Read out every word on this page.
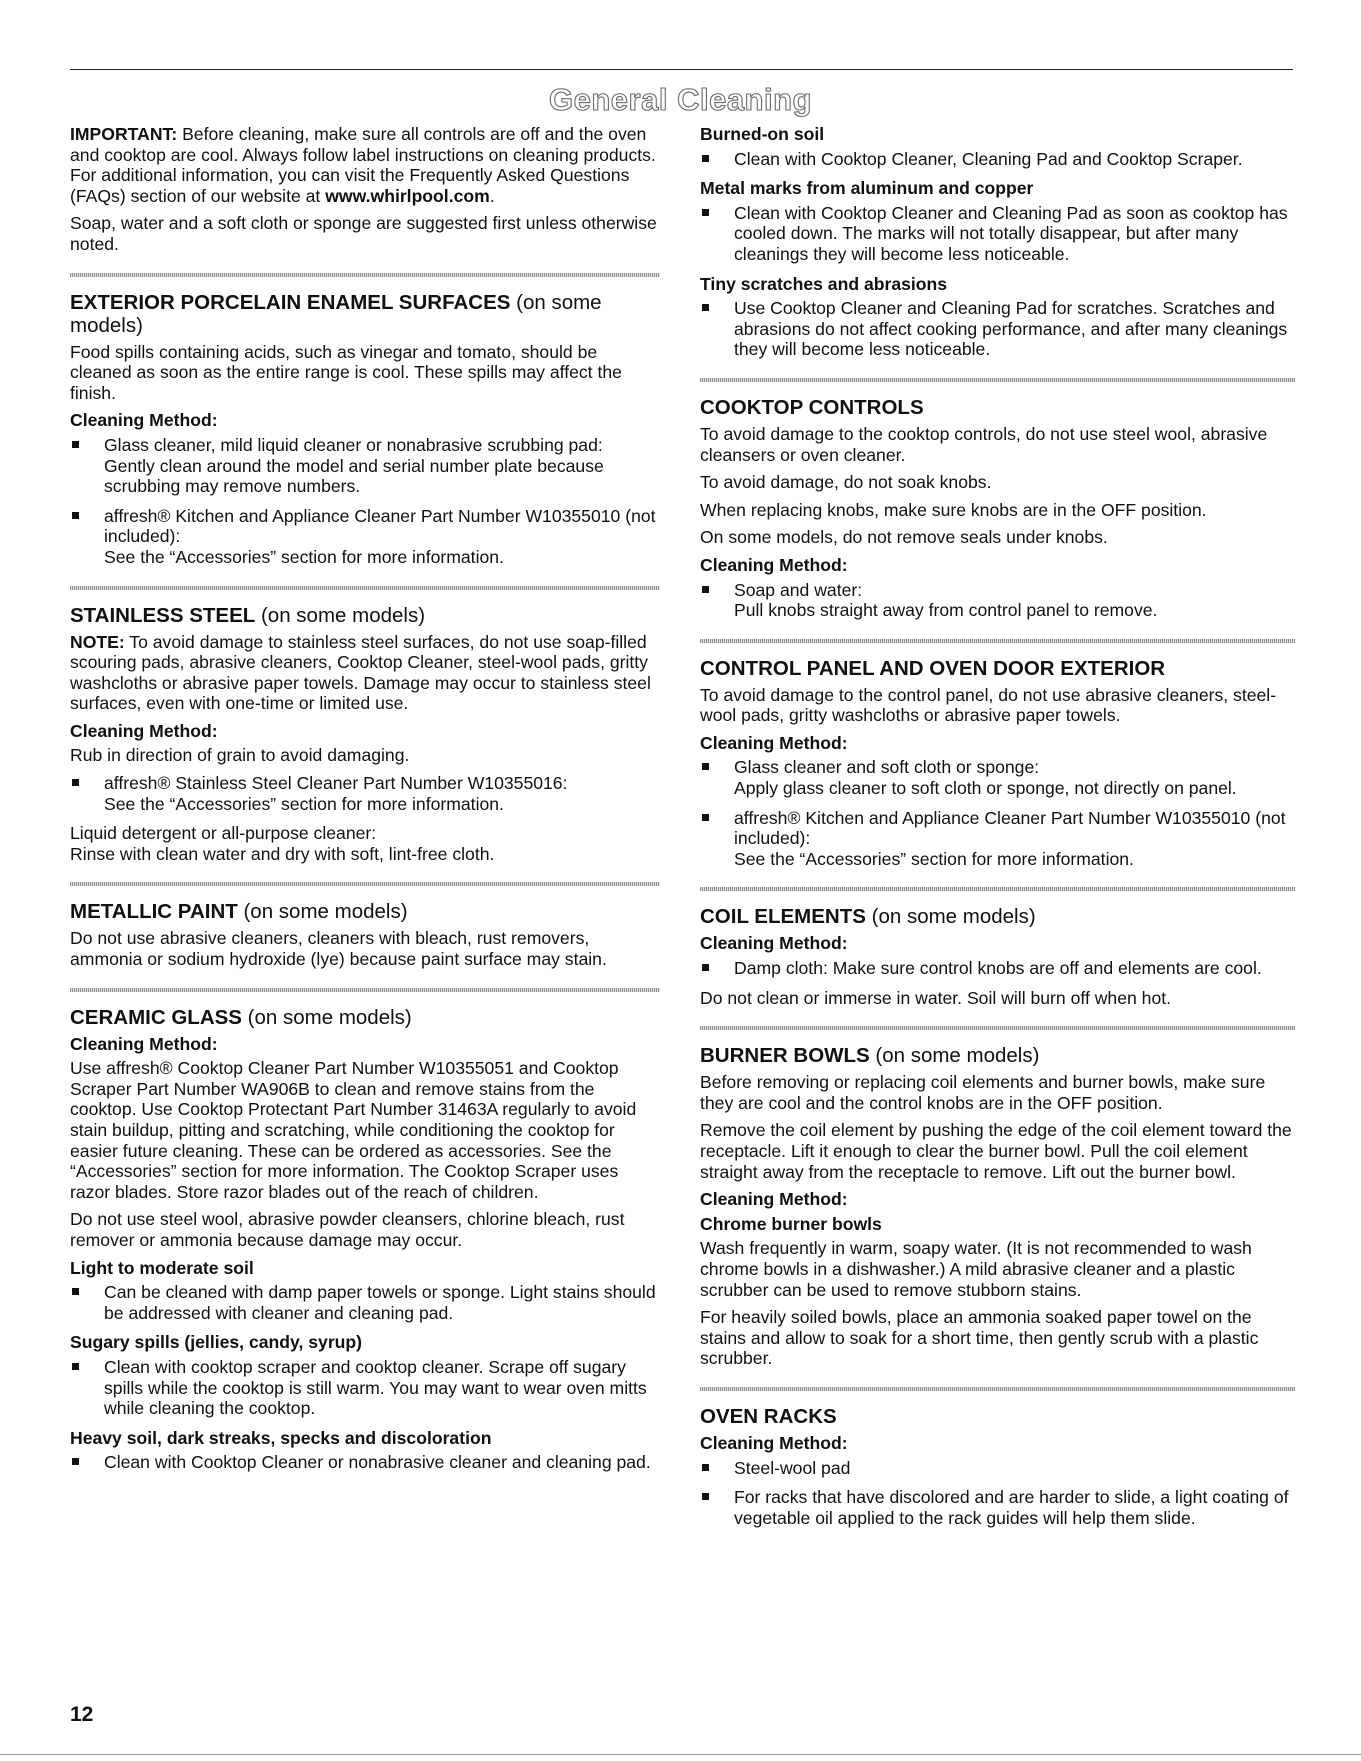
General Cleaning

IMPORTANT: Before cleaning, make sure all controls are off and the oven and cooktop are cool. Always follow label instructions on cleaning products. For additional information, you can visit the Frequently Asked Questions (FAQs) section of our website at www.whirlpool.com.

Soap, water and a soft cloth or sponge are suggested first unless otherwise noted.

EXTERIOR PORCELAIN ENAMEL SURFACES (on some models)

Food spills containing acids, such as vinegar and tomato, should be cleaned as soon as the entire range is cool. These spills may affect the finish.

Cleaning Method:
Glass cleaner, mild liquid cleaner or nonabrasive scrubbing pad:
Gently clean around the model and serial number plate because scrubbing may remove numbers.
affresh® Kitchen and Appliance Cleaner Part Number W10355010 (not included):
See the “Accessories” section for more information.
STAINLESS STEEL (on some models)

NOTE: To avoid damage to stainless steel surfaces, do not use soap-filled scouring pads, abrasive cleaners, Cooktop Cleaner, steel-wool pads, gritty washcloths or abrasive paper towels. Damage may occur to stainless steel surfaces, even with one-time or limited use.

Cleaning Method:

Rub in direction of grain to avoid damaging.

affresh® Stainless Steel Cleaner Part Number W10355016:
See the “Accessories” section for more information.

Liquid detergent or all-purpose cleaner:
Rinse with clean water and dry with soft, lint-free cloth.

METALLIC PAINT (on some models)

Do not use abrasive cleaners, cleaners with bleach, rust removers, ammonia or sodium hydroxide (lye) because paint surface may stain.

CERAMIC GLASS (on some models)
Cleaning Method:

Use affresh® Cooktop Cleaner Part Number W10355051 and Cooktop Scraper Part Number WA906B to clean and remove stains from the cooktop. Use Cooktop Protectant Part Number 31463A regularly to avoid stain buildup, pitting and scratching, while conditioning the cooktop for easier future cleaning. These can be ordered as accessories. See the “Accessories” section for more information. The Cooktop Scraper uses razor blades. Store razor blades out of the reach of children.

Do not use steel wool, abrasive powder cleansers, chlorine bleach, rust remover or ammonia because damage may occur.

Light to moderate soil
Can be cleaned with damp paper towels or sponge. Light stains should be addressed with cleaner and cleaning pad.
Sugary spills (jellies, candy, syrup)
Clean with cooktop scraper and cooktop cleaner. Scrape off sugary spills while the cooktop is still warm. You may want to wear oven mitts while cleaning the cooktop.
Heavy soil, dark streaks, specks and discoloration
Clean with Cooktop Cleaner or nonabrasive cleaner and cleaning pad.
Burned-on soil
Clean with Cooktop Cleaner, Cleaning Pad and Cooktop Scraper.
Metal marks from aluminum and copper
Clean with Cooktop Cleaner and Cleaning Pad as soon as cooktop has cooled down. The marks will not totally disappear, but after many cleanings they will become less noticeable.
Tiny scratches and abrasions
Use Cooktop Cleaner and Cleaning Pad for scratches. Scratches and abrasions do not affect cooking performance, and after many cleanings they will become less noticeable.
COOKTOP CONTROLS

To avoid damage to the cooktop controls, do not use steel wool, abrasive cleansers or oven cleaner.

To avoid damage, do not soak knobs.

When replacing knobs, make sure knobs are in the OFF position.

On some models, do not remove seals under knobs.

Cleaning Method:
Soap and water:
Pull knobs straight away from control panel to remove.
CONTROL PANEL AND OVEN DOOR EXTERIOR

To avoid damage to the control panel, do not use abrasive cleaners, steel-wool pads, gritty washcloths or abrasive paper towels.

Cleaning Method:
Glass cleaner and soft cloth or sponge:
Apply glass cleaner to soft cloth or sponge, not directly on panel.
affresh® Kitchen and Appliance Cleaner Part Number W10355010 (not included):
See the “Accessories” section for more information.
COIL ELEMENTS (on some models)
Cleaning Method:
Damp cloth: Make sure control knobs are off and elements are cool.

Do not clean or immerse in water. Soil will burn off when hot.

BURNER BOWLS (on some models)

Before removing or replacing coil elements and burner bowls, make sure they are cool and the control knobs are in the OFF position.

Remove the coil element by pushing the edge of the coil element toward the receptacle. Lift it enough to clear the burner bowl. Pull the coil element straight away from the receptacle to remove. Lift out the burner bowl.

Cleaning Method:
Chrome burner bowls

Wash frequently in warm, soapy water. (It is not recommended to wash chrome bowls in a dishwasher.) A mild abrasive cleaner and a plastic scrubber can be used to remove stubborn stains.

For heavily soiled bowls, place an ammonia soaked paper towel on the stains and allow to soak for a short time, then gently scrub with a plastic scrubber.

OVEN RACKS
Cleaning Method:
Steel-wool pad
For racks that have discolored and are harder to slide, a light coating of vegetable oil applied to the rack guides will help them slide.
12
